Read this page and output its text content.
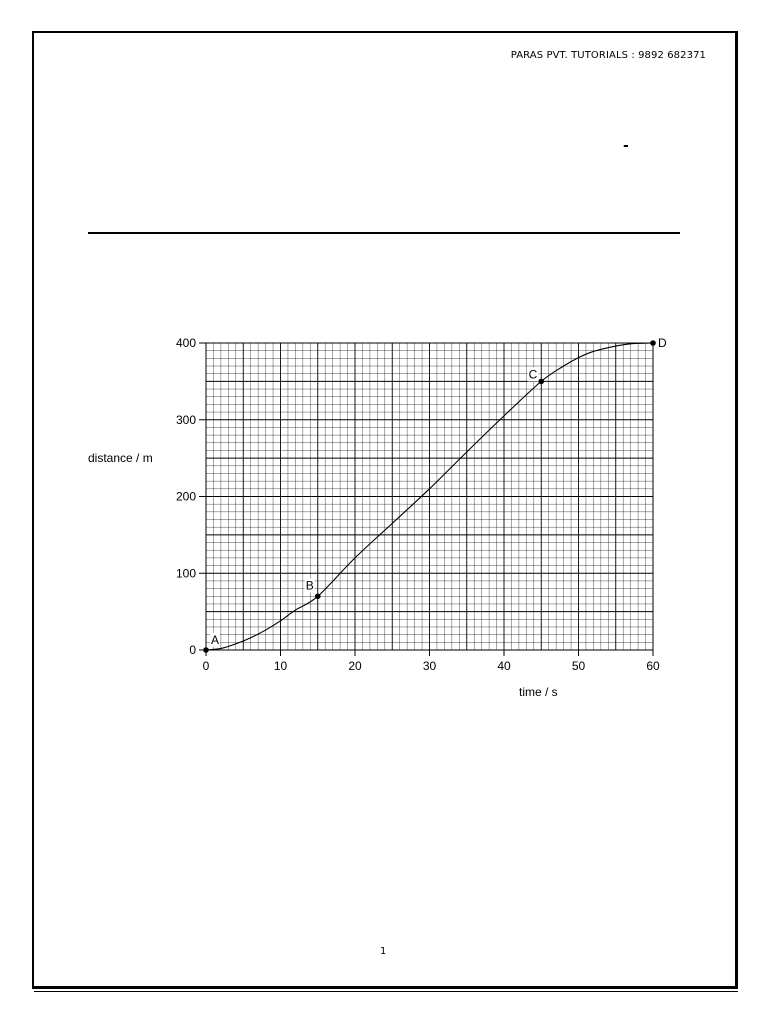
PARAS PVT. TUTORIALS : 9892 682371
-
0
100
200
300
400
0	10	20	30	40	50	60
A
B
C
D
distance / m
time / s
1
